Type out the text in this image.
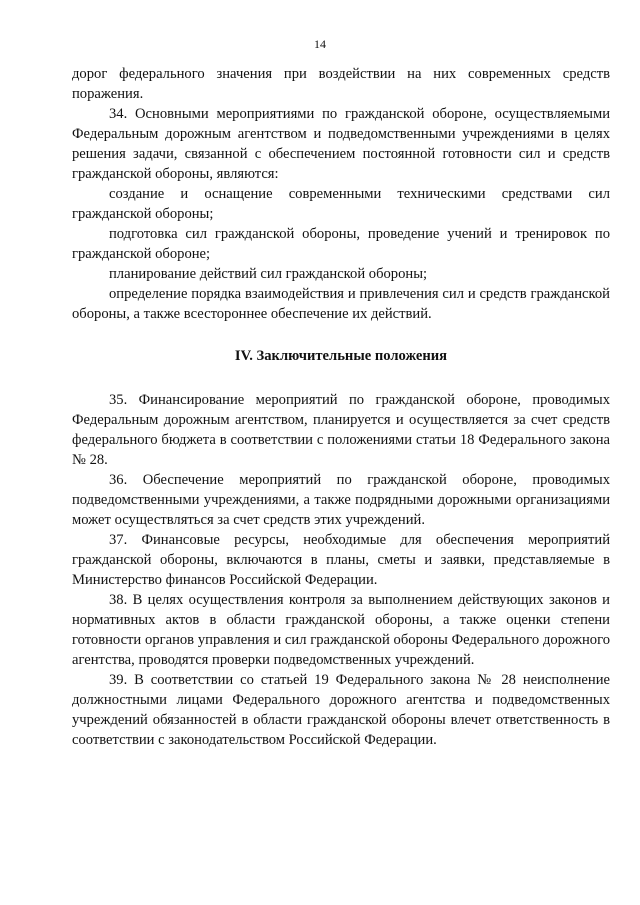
14

дорог федерального значения при воздействии на них современных средств поражения.

34. Основными мероприятиями по гражданской обороне, осуществляемыми Федеральным дорожным агентством и подведомственными учреждениями в целях решения задачи, связанной с обеспечением постоянной готовности сил и средств гражданской обороны, являются:

создание и оснащение современными техническими средствами сил гражданской обороны;

подготовка сил гражданской обороны, проведение учений и тренировок по гражданской обороне;

планирование действий сил гражданской обороны;

определение порядка взаимодействия и привлечения сил и средств гражданской обороны, а также всестороннее обеспечение их действий.

IV. Заключительные положения

35. Финансирование мероприятий по гражданской обороне, проводимых Федеральным дорожным агентством, планируется и осуществляется за счет средств федерального бюджета в соответствии с положениями статьи 18 Федерального закона № 28.

36. Обеспечение мероприятий по гражданской обороне, проводимых подведомственными учреждениями, а также подрядными дорожными организациями может осуществляться за счет средств этих учреждений.

37. Финансовые ресурсы, необходимые для обеспечения мероприятий гражданской обороны, включаются в планы, сметы и заявки, представляемые в Министерство финансов Российской Федерации.

38. В целях осуществления контроля за выполнением действующих законов и нормативных актов в области гражданской обороны, а также оценки степени готовности органов управления и сил гражданской обороны Федерального дорожного агентства, проводятся проверки подведомственных учреждений.

39. В соответствии со статьей 19 Федерального закона № 28 неисполнение должностными лицами Федерального дорожного агентства и подведомственных учреждений обязанностей в области гражданской обороны влечет ответственность в соответствии с законодательством Российской Федерации.
